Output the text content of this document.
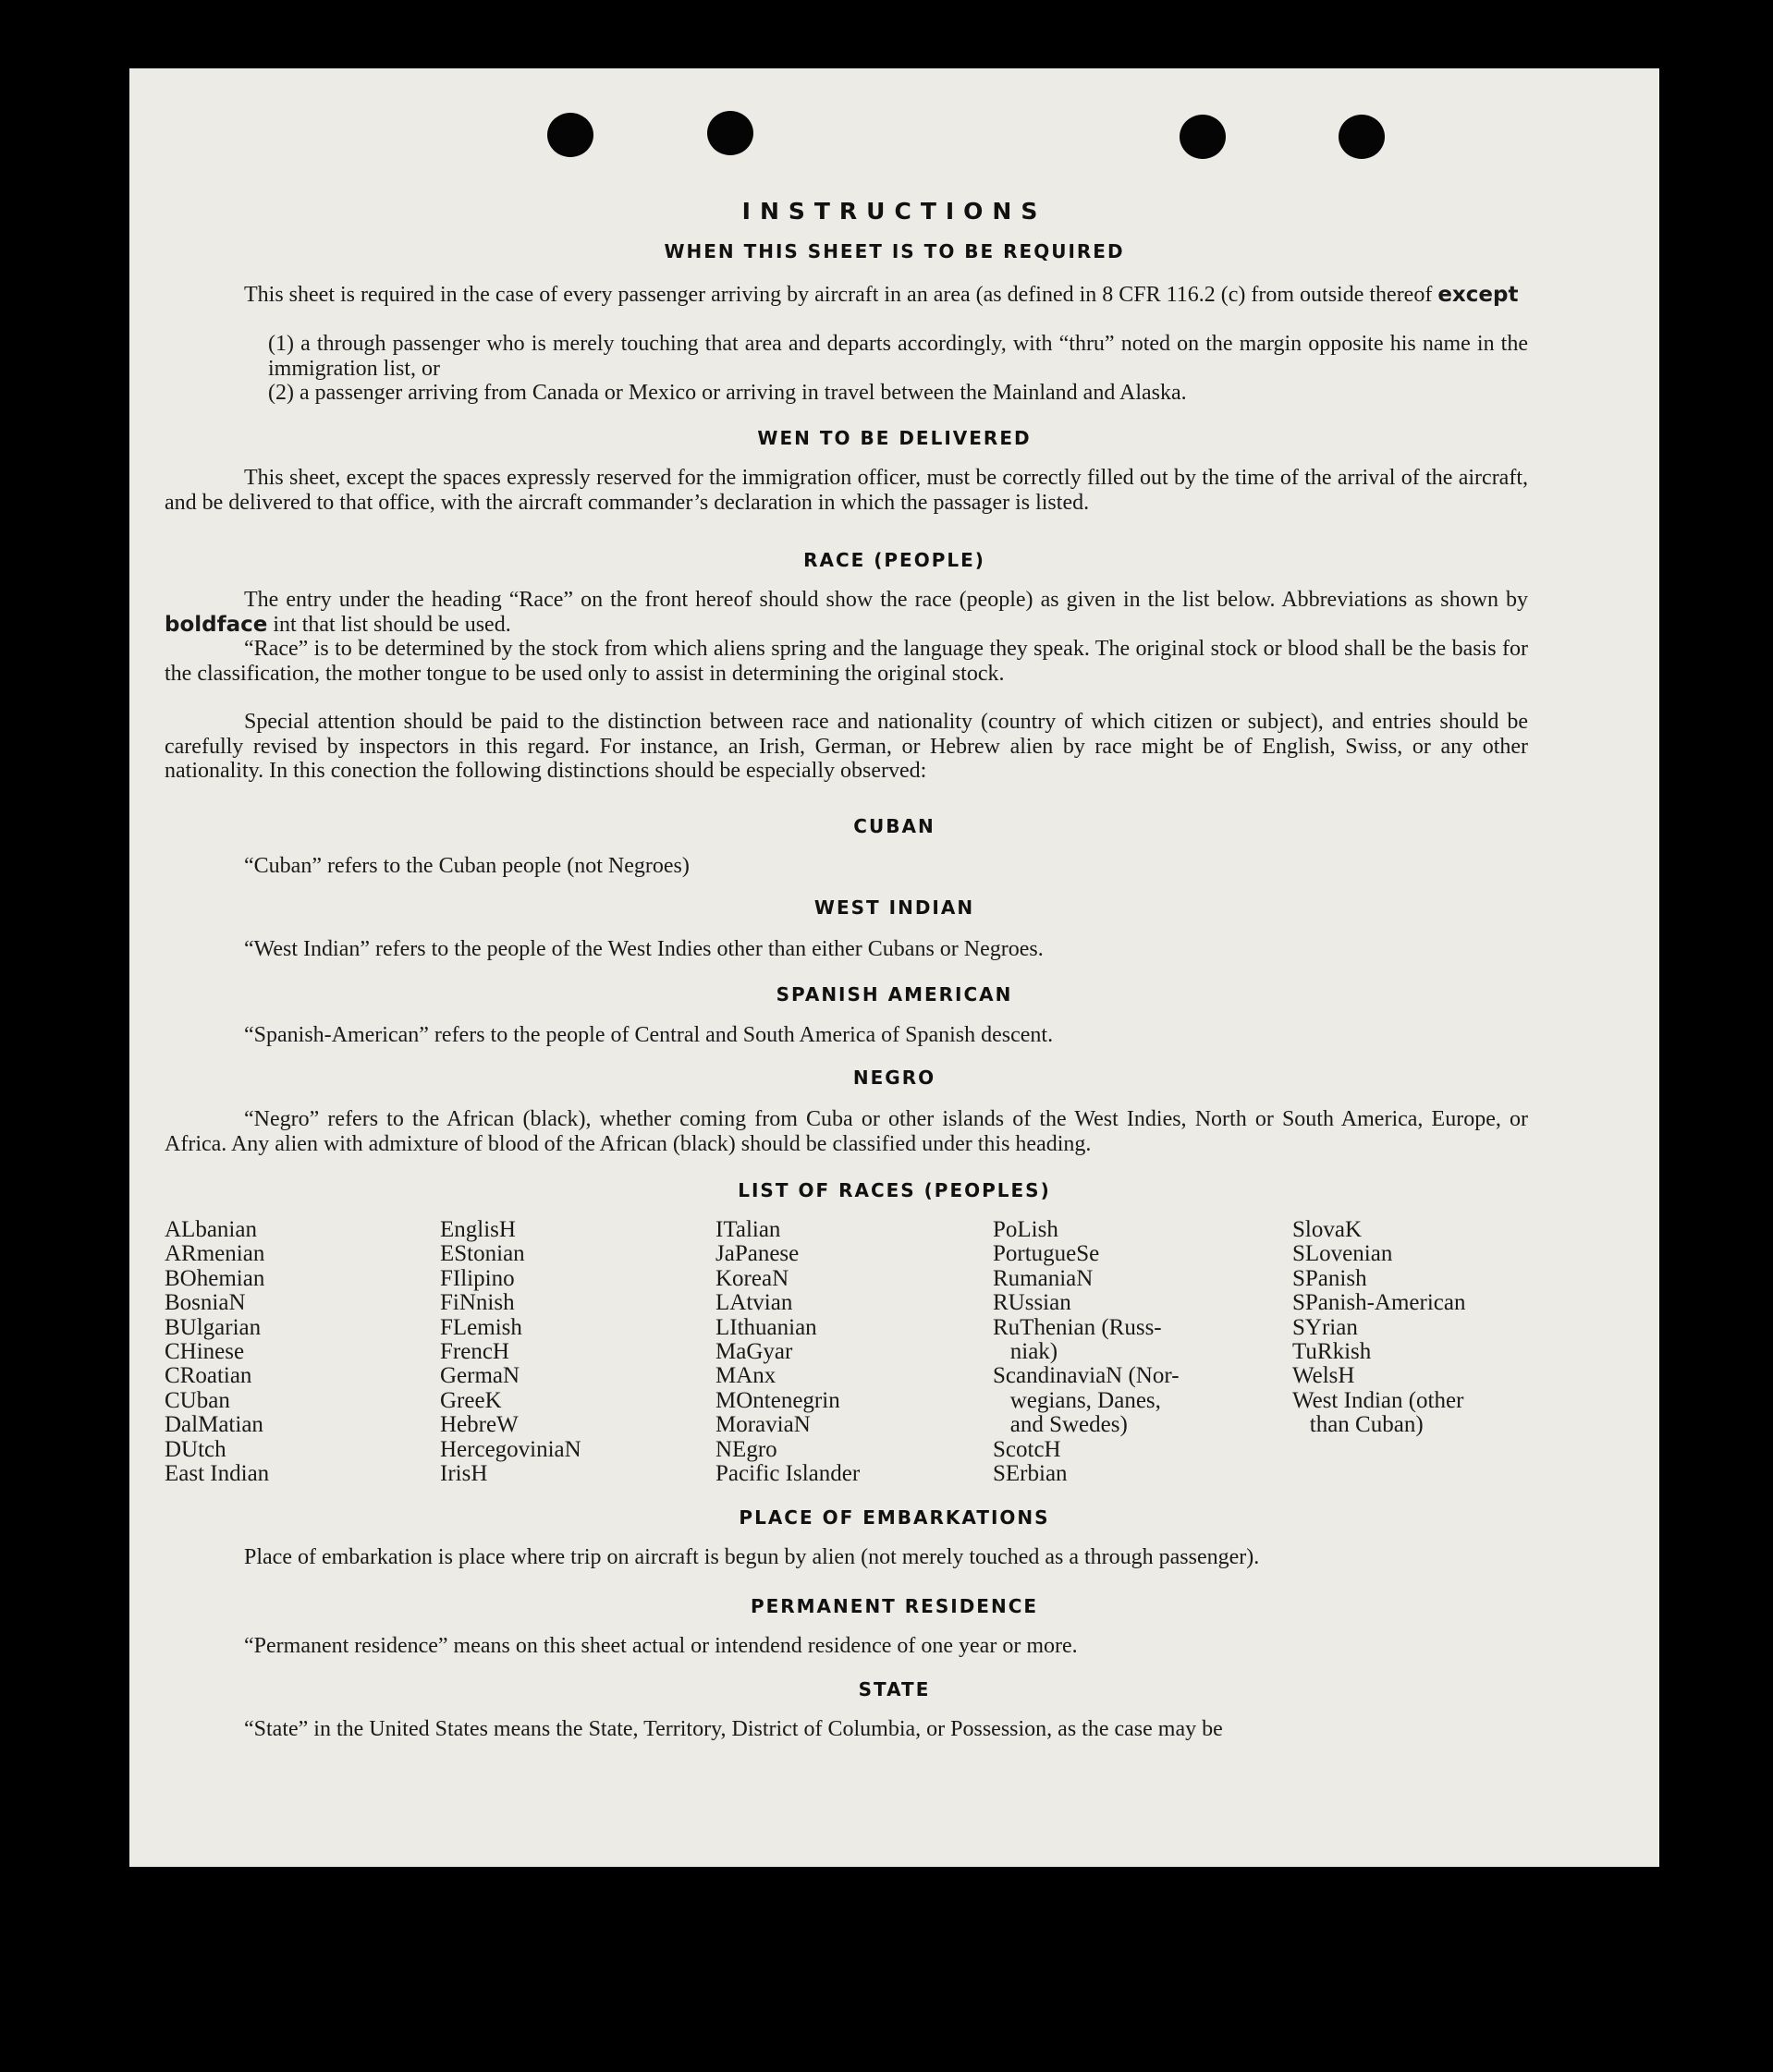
INSTRUCTIONS
WHEN THIS SHEET IS TO BE REQUIRED
This sheet is required in the case of every passenger arriving by aircraft in an area (as defined in 8 CFR 116.2 (c) from outside thereof except
(1) a through passenger who is merely touching that area and departs accordingly, with “thru” noted on the margin opposite his name in the immigration list, or
(2) a passenger arriving from Canada or Mexico or arriving in travel between the Mainland and Alaska.
WEN TO BE DELIVERED
This sheet, except the spaces expressly reserved for the immigration officer, must be correctly filled out by the time of the arrival of the aircraft, and be delivered to that office, with the aircraft commander’s declaration in which the passager is listed.
RACE (PEOPLE)
The entry under the heading “Race” on the front hereof should show the race (people) as given in the list below. Abbreviations as shown by boldface int that list should be used.
“Race” is to be determined by the stock from which aliens spring and the language they speak. The original stock or blood shall be the basis for the classification, the mother tongue to be used only to assist in determining the original stock.
Special attention should be paid to the distinction between race and nationality (country of which citizen or subject), and entries should be carefully revised by inspectors in this regard. For instance, an Irish, German, or Hebrew alien by race might be of English, Swiss, or any other nationality. In this conection the following distinctions should be especially observed:
CUBAN
“Cuban” refers to the Cuban people (not Negroes)
WEST INDIAN
“West Indian” refers to the people of the West Indies other than either Cubans or Negroes.
SPANISH AMERICAN
“Spanish-American” refers to the people of Central and South America of Spanish descent.
NEGRO
“Negro” refers to the African (black), whether coming from Cuba or other islands of the West Indies, North or South America, Europe, or Africa. Any alien with admixture of blood of the African (black) should be classified under this heading.
LIST OF RACES (PEOPLES)
ALbanian
ARmenian
BOhemian
BosniaN
BUlgarian
CHinese
CRoatian
CUban
DalMatian
DUtch
East Indian
EnglisH
EStonian
FIlipino
FiNnish
FLemish
FrencH
GermaN
GreeK
HebreW
HercegoviniaN
IrisH
ITalian
JaPanese
KoreaN
LAtvian
LIthuanian
MaGyar
MAnx
MOntenegrin
MoraviaN
NEgro
Pacific Islander
PoLish
PortugueSe
RumaniaN
RUssian
RuThenian (Russ-
niak)
ScandinaviaN (Nor-
wegians, Danes,
and Swedes)
ScotcH
SErbian
SlovaK
SLovenian
SPanish
SPanish-American
SYrian
TuRkish
WelsH
West Indian (other
than Cuban)
PLACE OF EMBARKATIONS
Place of embarkation is place where trip on aircraft is begun by alien (not merely touched as a through passenger).
PERMANENT RESIDENCE
“Permanent residence” means on this sheet actual or intendend residence of one year or more.
STATE
“State” in the United States means the State, Territory, District of Columbia, or Possession, as the case may be
